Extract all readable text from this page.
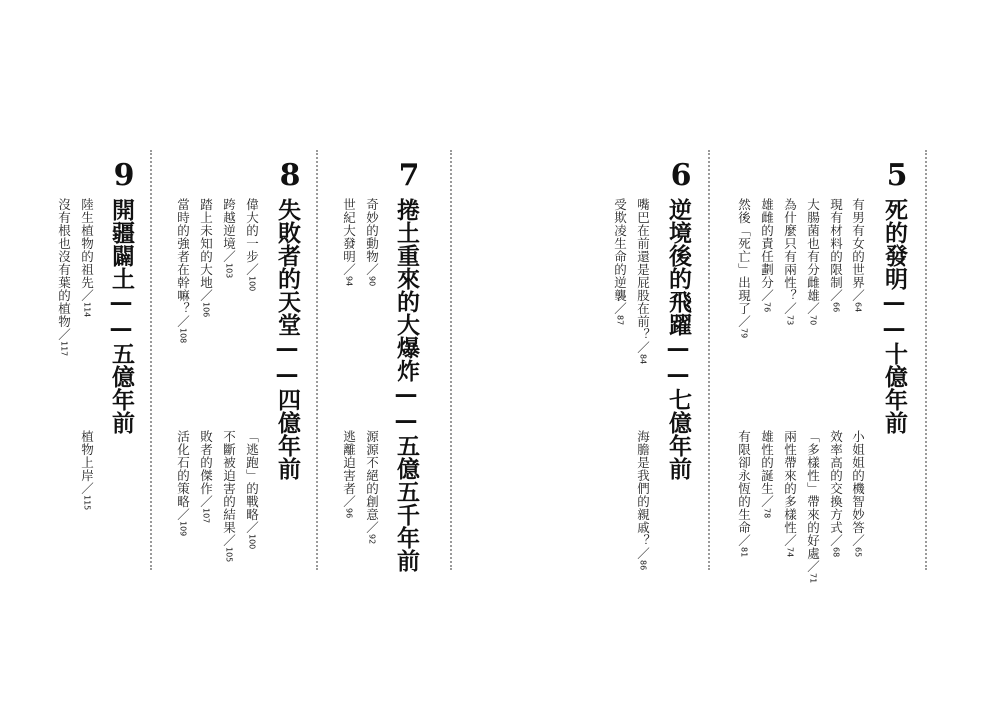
5
死的發明——十億年前
有男有女的世界／64
現有材料的限制／66
大腸菌也有分雌雄／70
為什麼只有兩性？／73
雄雌的責任劃分／76
然後「死亡」出現了／79
小姐姐的機智妙答／65
效率高的交換方式／68
「多樣性」帶來的好處／71
兩性帶來的多樣性／74
雄性的誕生／78
有限卻永恆的生命／81
6
逆境後的飛躍——七億年前
嘴巴在前還是屁股在前？／84
受欺凌生命的逆襲／87
海膽是我們的親戚？／86
7
捲土重來的大爆炸——五億五千年前
奇妙的動物／90
世紀大發明／94
源源不絕的創意／92
逃離迫害者／96
8
失敗者的天堂——四億年前
偉大的一步／100
跨越逆境／103
踏上未知的大地／106
當時的強者在幹嘛？／108
「逃跑」的戰略／100
不斷被迫害的結果／105
敗者的傑作／107
活化石的策略／109
9
開疆闢土——五億年前
陸生植物的祖先／114
沒有根也沒有葉的植物／117
植物上岸／115
